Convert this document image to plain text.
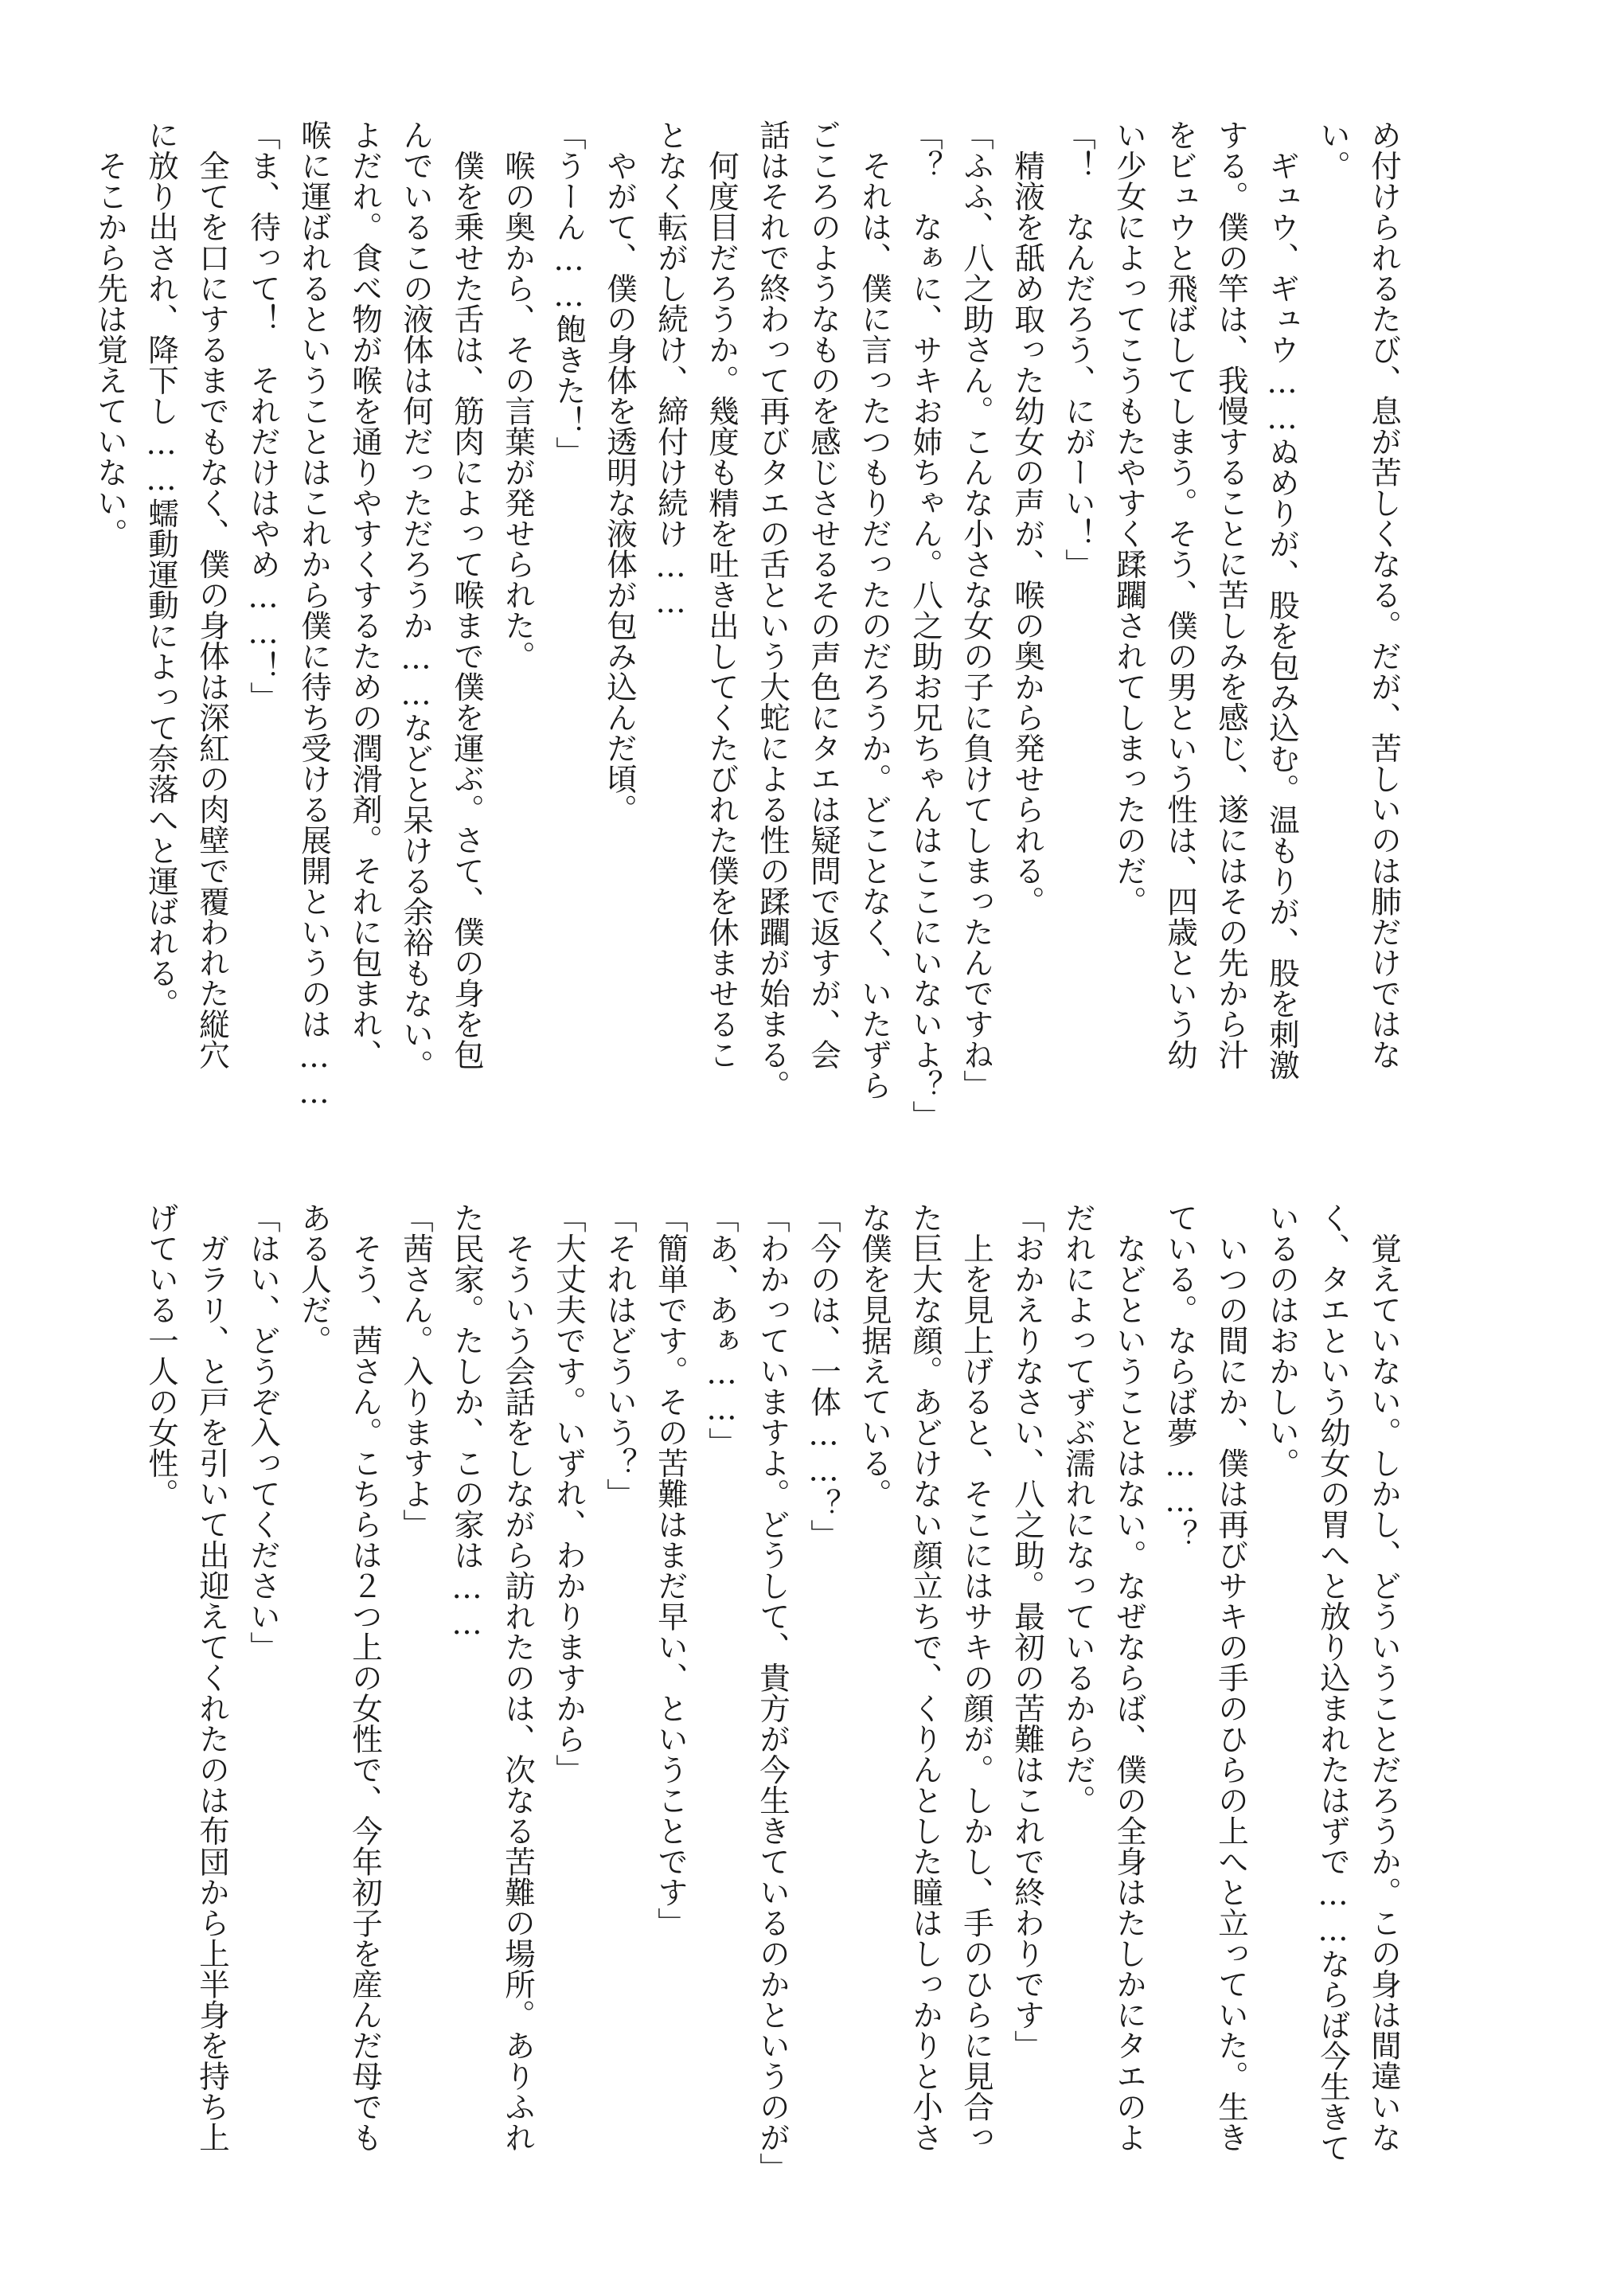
め付けられるたび、息が苦しくなる。だが、苦しいのは肺だけではな
い。
　ギュウ、ギュウ……ぬめりが、股を包み込む。温もりが、股を刺激
する。僕の竿は、我慢することに苦しみを感じ、遂にはその先から汁
をビュウと飛ばしてしまう。そう、僕の男という性は、四歳という幼
い少女によってこうもたやすく蹂躙されてしまったのだ。
「！　なんだろう、にがーい！」
　精液を舐め取った幼女の声が、喉の奥から発せられる。
「ふふ、八之助さん。こんな小さな女の子に負けてしまったんですね」
「？　なぁに、サキお姉ちゃん。八之助お兄ちゃんはここにいないよ？」
　それは、僕に言ったつもりだったのだろうか。どことなく、いたずら
ごころのようなものを感じさせるその声色にタエは疑問で返すが、会
話はそれで終わって再びタエの舌という大蛇による性の蹂躙が始まる。
　何度目だろうか。幾度も精を吐き出してくたびれた僕を休ませるこ
となく転がし続け、締付け続け……
　やがて、僕の身体を透明な液体が包み込んだ頃。
「うーん……飽きた！」
　喉の奥から、その言葉が発せられた。
　僕を乗せた舌は、筋肉によって喉まで僕を運ぶ。さて、僕の身を包
んでいるこの液体は何だっただろうか……などと呆ける余裕もない。
よだれ。食べ物が喉を通りやすくするための潤滑剤。それに包まれ、
喉に運ばれるということはこれから僕に待ち受ける展開というのは……
「ま、待って！　それだけはやめ……！」
　全てを口にするまでもなく、僕の身体は深紅の肉壁で覆われた縦穴
に放り出され、降下し……蠕動運動によって奈落へと運ばれる。
　そこから先は覚えていない。
　覚えていない。しかし、どういうことだろうか。この身は間違いな
く、タエという幼女の胃へと放り込まれたはずで……ならば今生きて
いるのはおかしい。
　いつの間にか、僕は再びサキの手のひらの上へと立っていた。生き
ている。ならば夢……？
　などということはない。なぜならば、僕の全身はたしかにタエのよ
だれによってずぶ濡れになっているからだ。
「おかえりなさい、八之助。最初の苦難はこれで終わりです」
　上を見上げると、そこにはサキの顔が。しかし、手のひらに見合っ
た巨大な顔。あどけない顔立ちで、くりんとした瞳はしっかりと小さ
な僕を見据えている。
「今のは、一体……？」
「わかっていますよ。どうして、貴方が今生きているのかというのが」
「あ、あぁ……」
「簡単です。その苦難はまだ早い、ということです」
「それはどういう？」
「大丈夫です。いずれ、わかりますから」
　そういう会話をしながら訪れたのは、次なる苦難の場所。ありふれ
た民家。たしか、この家は……
「茜さん。入りますよ」
　そう、茜さん。こちらは２つ上の女性で、今年初子を産んだ母でも
ある人だ。
「はい、どうぞ入ってください」
　ガラリ、と戸を引いて出迎えてくれたのは布団から上半身を持ち上
げている一人の女性。
